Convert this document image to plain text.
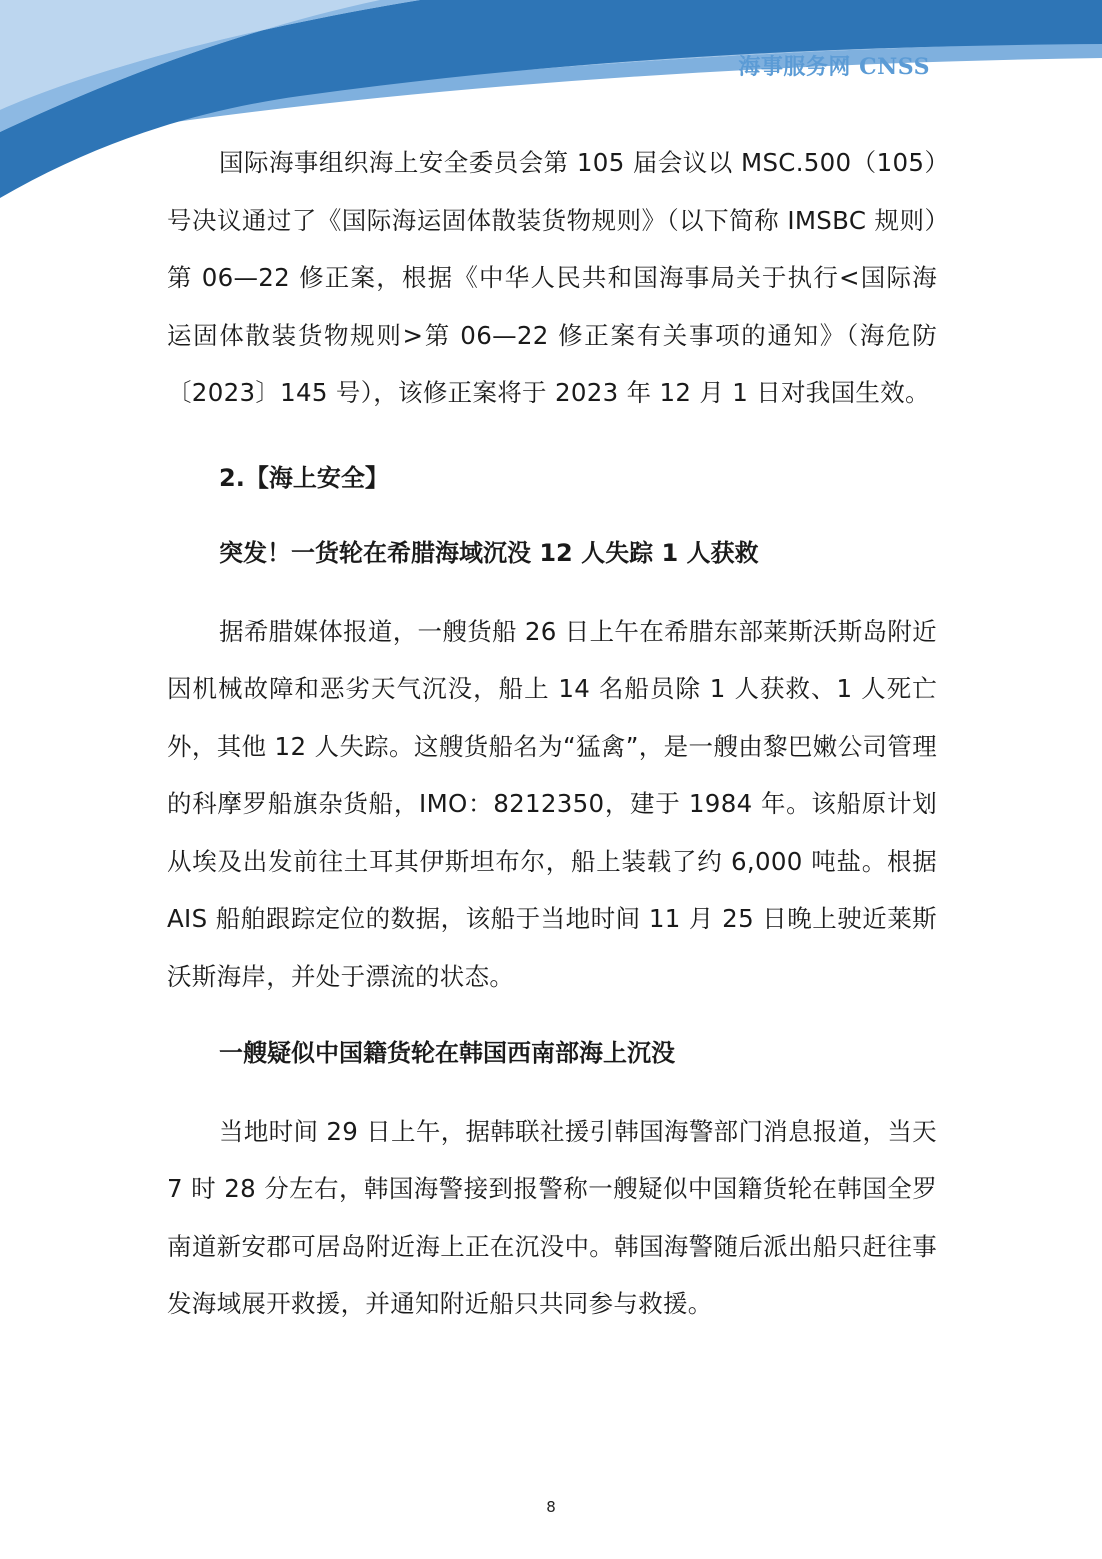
海事服务网 CNSS

国际海事组织海上安全委员会第 105 届会议以 MSC.500（105）号决议通过了《国际海运固体散装货物规则》（以下简称 IMSBC 规则）第 06—22 修正案，根据《中华人民共和国海事局关于执行<国际海运固体散装货物规则>第 06—22 修正案有关事项的通知》（海危防〔2023〕145 号），该修正案将于 2023 年 12 月 1 日对我国生效。

2.【海上安全】
突发！一货轮在希腊海域沉没 12 人失踪 1 人获救

据希腊媒体报道，一艘货船 26 日上午在希腊东部莱斯沃斯岛附近因机械故障和恶劣天气沉没，船上 14 名船员除 1 人获救、1 人死亡外，其他 12 人失踪。这艘货船名为“猛禽”，是一艘由黎巴嫩公司管理的科摩罗船旗杂货船，IMO：8212350，建于 1984 年。该船原计划从埃及出发前往土耳其伊斯坦布尔，船上装载了约 6,000 吨盐。根据 AIS 船舶跟踪定位的数据，该船于当地时间 11 月 25 日晚上驶近莱斯沃斯海岸，并处于漂流的状态。

一艘疑似中国籍货轮在韩国西南部海上沉没

当地时间 29 日上午，据韩联社援引韩国海警部门消息报道，当天 7 时 28 分左右，韩国海警接到报警称一艘疑似中国籍货轮在韩国全罗南道新安郡可居岛附近海上正在沉没中。韩国海警随后派出船只赶往事发海域展开救援，并通知附近船只共同参与救援。

8
